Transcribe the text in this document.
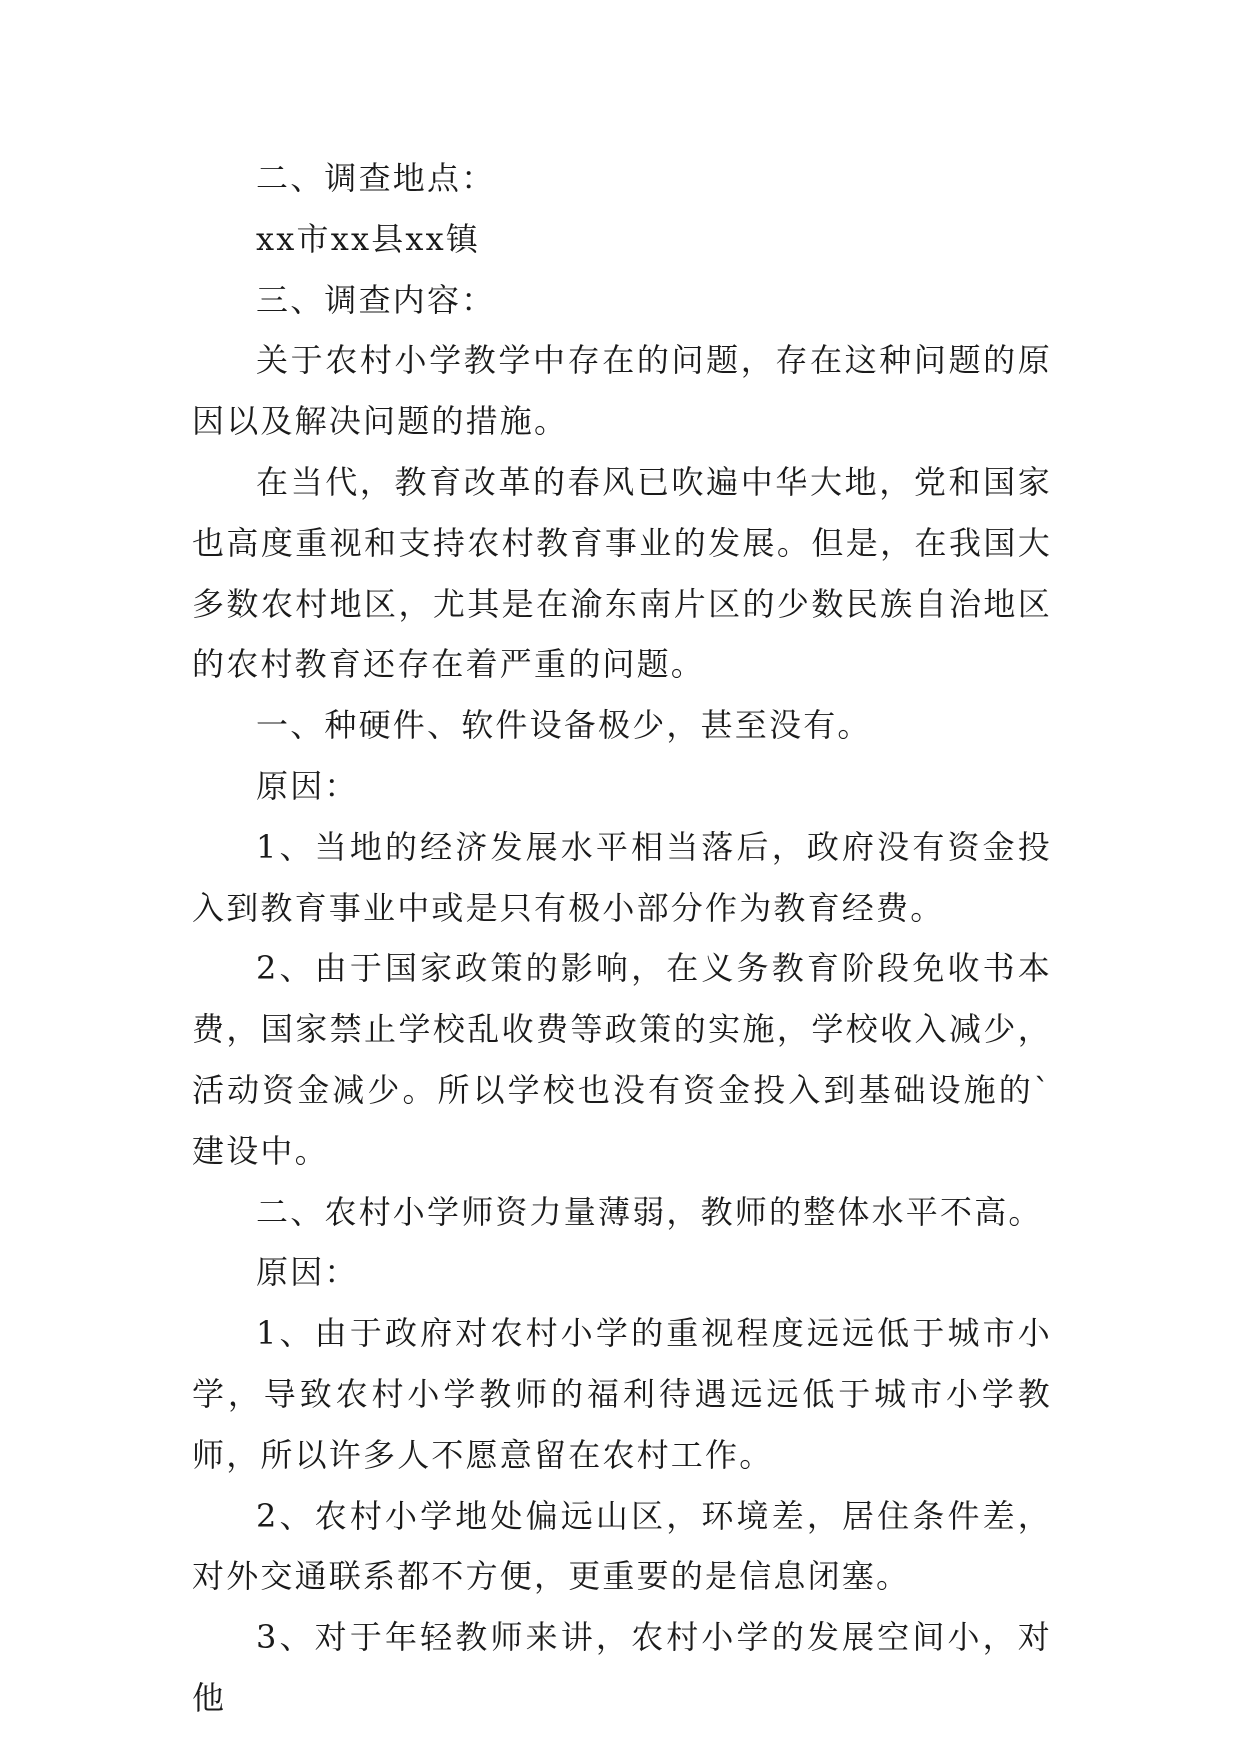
二、调查地点：

xx市xx县xx镇

三、调查内容：

关于农村小学教学中存在的问题，存在这种问题的原因以及解决问题的措施。

在当代，教育改革的春风已吹遍中华大地，党和国家也高度重视和支持农村教育事业的发展。但是，在我国大多数农村地区，尤其是在渝东南片区的少数民族自治地区的农村教育还存在着严重的问题。

一、种硬件、软件设备极少，甚至没有。

原因：

1、当地的经济发展水平相当落后，政府没有资金投入到教育事业中或是只有极小部分作为教育经费。

2、由于国家政策的影响，在义务教育阶段免收书本费，国家禁止学校乱收费等政策的实施，学校收入减少，活动资金减少。所以学校也没有资金投入到基础设施的`建设中。

二、农村小学师资力量薄弱，教师的整体水平不高。

原因：

1、由于政府对农村小学的重视程度远远低于城市小学，导致农村小学教师的福利待遇远远低于城市小学教师，所以许多人不愿意留在农村工作。

2、农村小学地处偏远山区，环境差，居住条件差，对外交通联系都不方便，更重要的是信息闭塞。

3、对于年轻教师来讲，农村小学的发展空间小，对他
